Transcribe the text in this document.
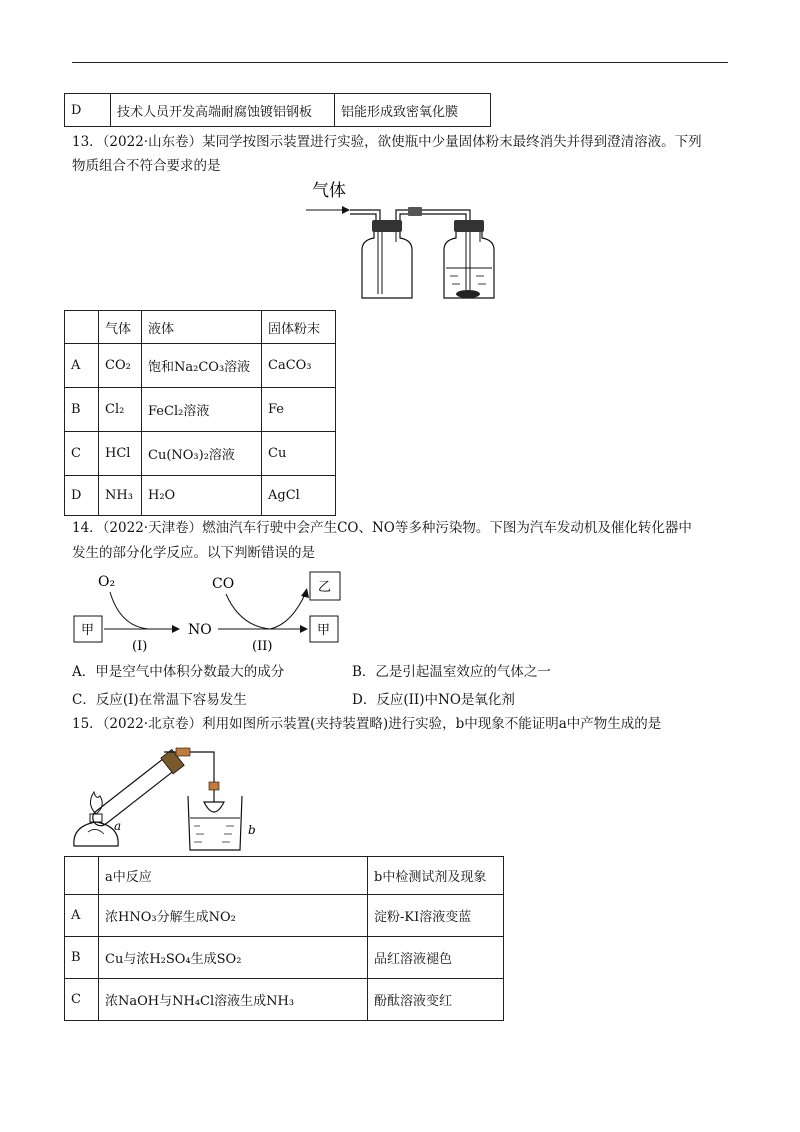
D	技术人员开发高端耐腐蚀镀铝钢板	铝能形成致密氧化膜
13．（2022·山东卷）某同学按图示装置进行实验，欲使瓶中少量固体粉末最终消失并得到澄清溶液。下列
物质组合不符合要求的是
气体
	气体	液体	固体粉末
A	CO₂	饱和Na₂CO₃溶液	CaCO₃
B	Cl₂	FeCl₂溶液	Fe
C	HCl	Cu(NO₃)₂溶液	Cu
D	NH₃	H₂O	AgCl
14．（2022·天津卷）燃油汽车行驶中会产生CO、NO等多种污染物。下图为汽车发动机及催化转化器中
发生的部分化学反应。以下判断错误的是
O₂	CO
甲
乙
甲
(I)
NO
(II)
A．甲是空气中体积分数最大的成分	B．乙是引起温室效应的气体之一
C．反应(I)在常温下容易发生	D．反应(II)中NO是氧化剂
15．（2022·北京卷）利用如图所示装置(夹持装置略)进行实验，b中现象不能证明a中产物生成的是
a	b
	a中反应	b中检测试剂及现象
A	浓HNO₃分解生成NO₂	淀粉-KI溶液变蓝
B	Cu与浓H₂SO₄生成SO₂	品红溶液褪色
C	浓NaOH与NH₄Cl溶液生成NH₃	酚酞溶液变红
